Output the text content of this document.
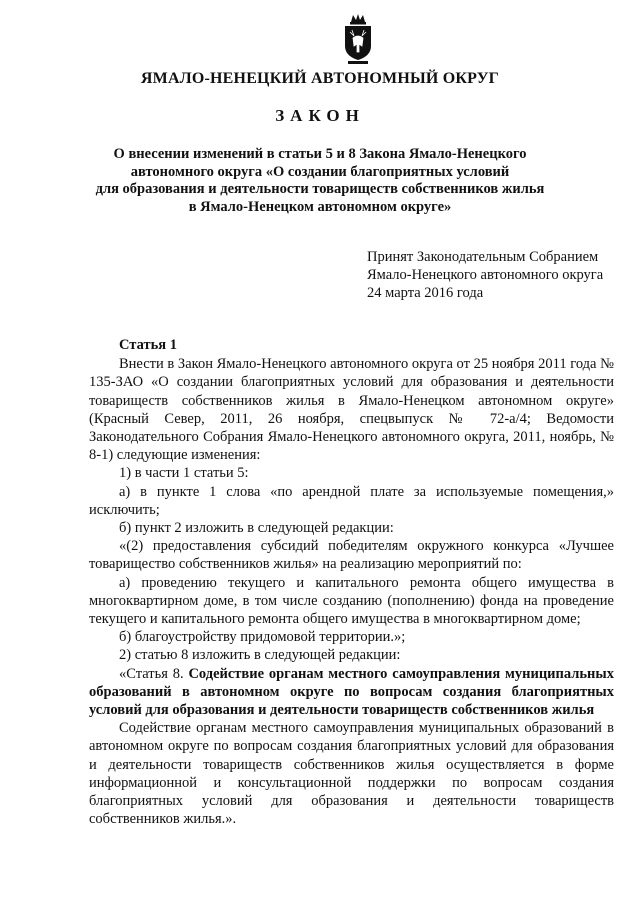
ЯМАЛО-НЕНЕЦКИЙ АВТОНОМНЫЙ ОКРУГ
ЗАКОН
О внесении изменений в статьи 5 и 8 Закона Ямало-Ненецкого
автономного округа «О создании благоприятных условий
для образования и деятельности товариществ собственников жилья
в Ямало-Ненецком автономном округе»
Принят Законодательным Собранием
Ямало-Ненецкого автономного округа
24 марта 2016 года

Статья 1

Внести в Закон Ямало-Ненецкого автономного округа от 25 ноября 2011 года № 135-ЗАО «О создании благоприятных условий для образования и деятельности товариществ собственников жилья в Ямало-Ненецком автономном округе» (Красный Север, 2011, 26 ноября, спецвыпуск № 72-а/4; Ведомости Законодательного Собрания Ямало-Ненецкого автономного округа, 2011, ноябрь, № 8-1) следующие изменения:

1) в части 1 статьи 5:

а) в пункте 1 слова «по арендной плате за используемые помещения,» исключить;

б) пункт 2 изложить в следующей редакции:

«(2) предоставления субсидий победителям окружного конкурса «Лучшее товарищество собственников жилья» на реализацию мероприятий по:

а) проведению текущего и капитального ремонта общего имущества в многоквартирном доме, в том числе созданию (пополнению) фонда на проведение текущего и капитального ремонта общего имущества в многоквартирном доме;

б) благоустройству придомовой территории.»;

2) статью 8 изложить в следующей редакции:

«Статья 8. Содействие органам местного самоуправления муниципальных образований в автономном округе по вопросам создания благоприятных условий для образования и деятельности товариществ собственников жилья

Содействие органам местного самоуправления муниципальных образований в автономном округе по вопросам создания благоприятных условий для образования и деятельности товариществ собственников жилья осуществляется в форме информационной и консультационной поддержки по вопросам создания благоприятных условий для образования и деятельности товариществ собственников жилья.».
